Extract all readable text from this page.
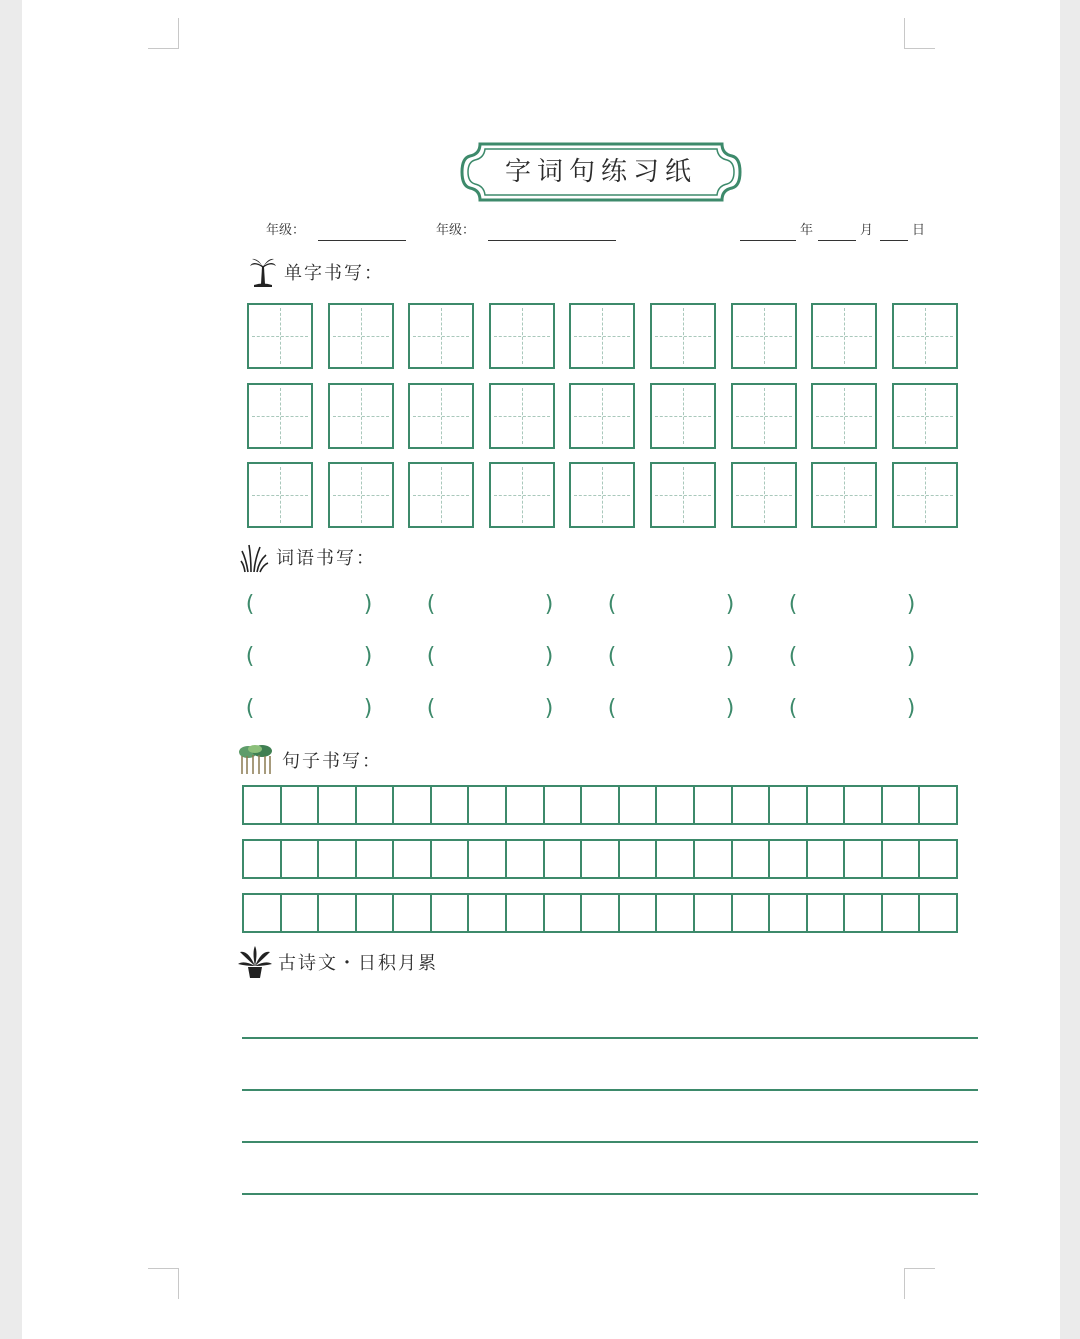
字词句练习纸
年级：	年级：	年	月	日
单字书写：
词语书写：
(	) (	) (	) (	)
(	) (	) (	) (	)
(	) (	) (	) (	)
句子书写：
古诗文・日积月累
